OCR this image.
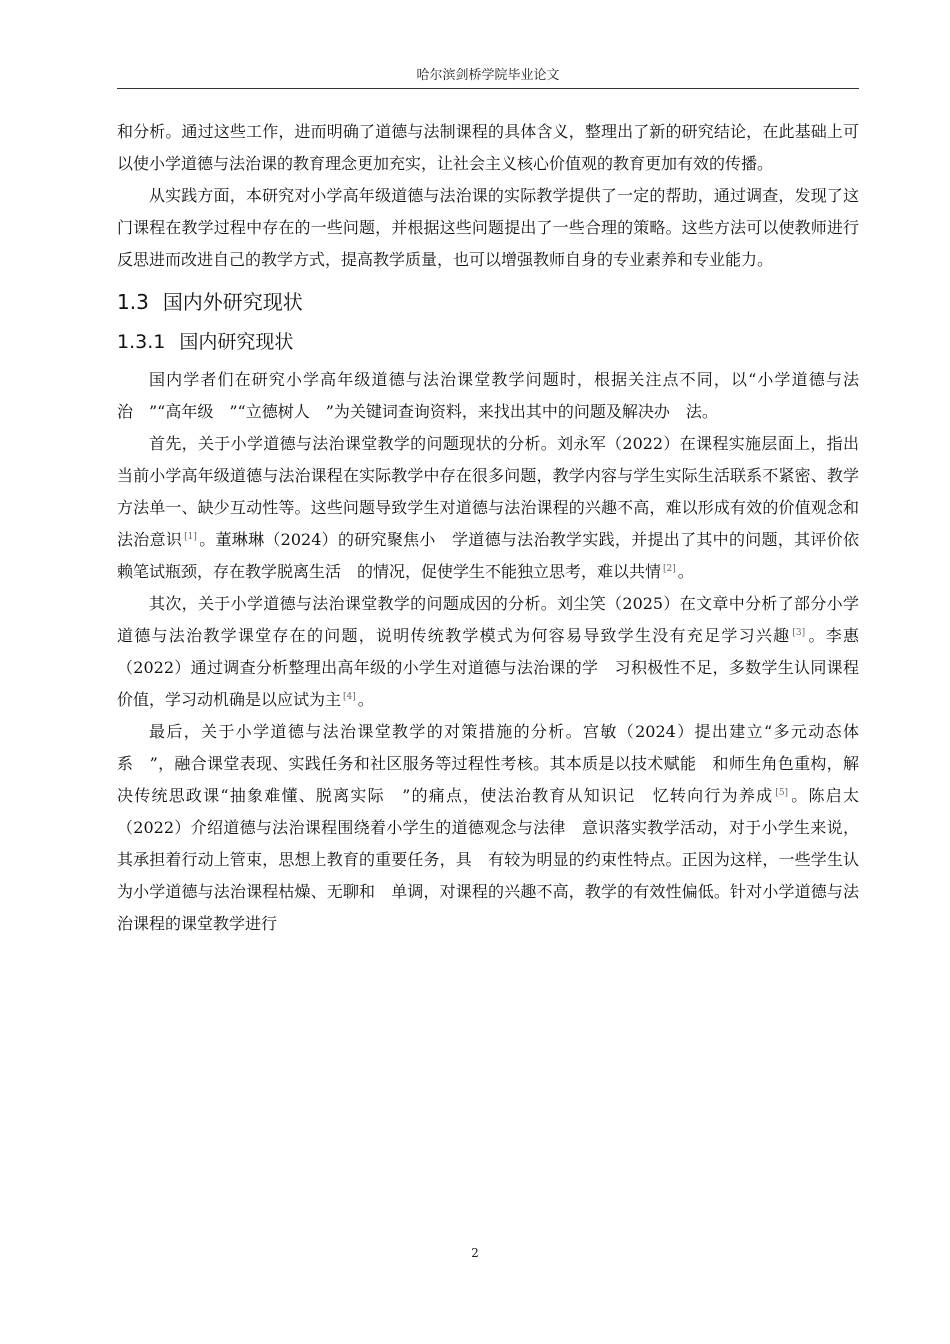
哈尔滨剑桥学院毕业论文

和分析。通过这些工作，进而明确了道德与法制课程的具体含义，整理出了新的研究结论，在此基础上可以使小学道德与法治课的教育理念更加充实，让社会主义核心价值观的教育更加有效的传播。

从实践方面，本研究对小学高年级道德与法治课的实际教学提供了一定的帮助，通过调查，发现了这门课程在教学过程中存在的一些问题，并根据这些问题提出了一些合理的策略。这些方法可以使教师进行反思进而改进自己的教学方式，提高教学质量，也可以增强教师自身的专业素养和专业能力。

1.3 国内外研究现状
1.3.1 国内研究现状

国内学者们在研究小学高年级道德与法治课堂教学问题时，根据关注点不同，以“小学道德与法治　”“高年级　”“立德树人　”为关键词查询资料，来找出其中的问题及解决办　法。

首先，关于小学道德与法治课堂教学的问题现状的分析。刘永军（2022）在课程实施层面上，指出当前小学高年级道德与法治课程在实际教学中存在很多问题，教学内容与学生实际生活联系不紧密、教学方法单一、缺少互动性等。这些问题导致学生对道德与法治课程的兴趣不高，难以形成有效的价值观念和法治意识 [1] 。董琳琳（2024）的研究聚焦小　学道德与法治教学实践，并提出了其中的问题，其评价依赖笔试瓶颈，存在教学脱离生活　的情况，促使学生不能独立思考，难以共情 [2] 。

其次，关于小学道德与法治课堂教学的问题成因的分析。刘尘笑（2025）在文章中分析了部分小学道德与法治教学课堂存在的问题，说明传统教学模式为何容易导致学生没有充足学习兴趣 [3] 。李惠（2022）通过调查分析整理出高年级的小学生对道德与法治课的学　习积极性不足，多数学生认同课程价值，学习动机确是以应试为主 [4] 。

最后，关于小学道德与法治课堂教学的对策措施的分析。宫敏（2024）提出建立“多元动态体系　”，融合课堂表现、实践任务和社区服务等过程性考核。其本质是以技术赋能　和师生角色重构，解决传统思政课“抽象难懂、脱离实际　”的痛点，使法治教育从知识记　忆转向行为养成 [5] 。陈启太（2022）介绍道德与法治课程围绕着小学生的道德观念与法律　意识落实教学活动，对于小学生来说，其承担着行动上管束，思想上教育的重要任务，具　有较为明显的约束性特点。正因为这样，一些学生认为小学道德与法治课程枯燥、无聊和　单调，对课程的兴趣不高，教学的有效性偏低。针对小学道德与法治课程的课堂教学进行

2
